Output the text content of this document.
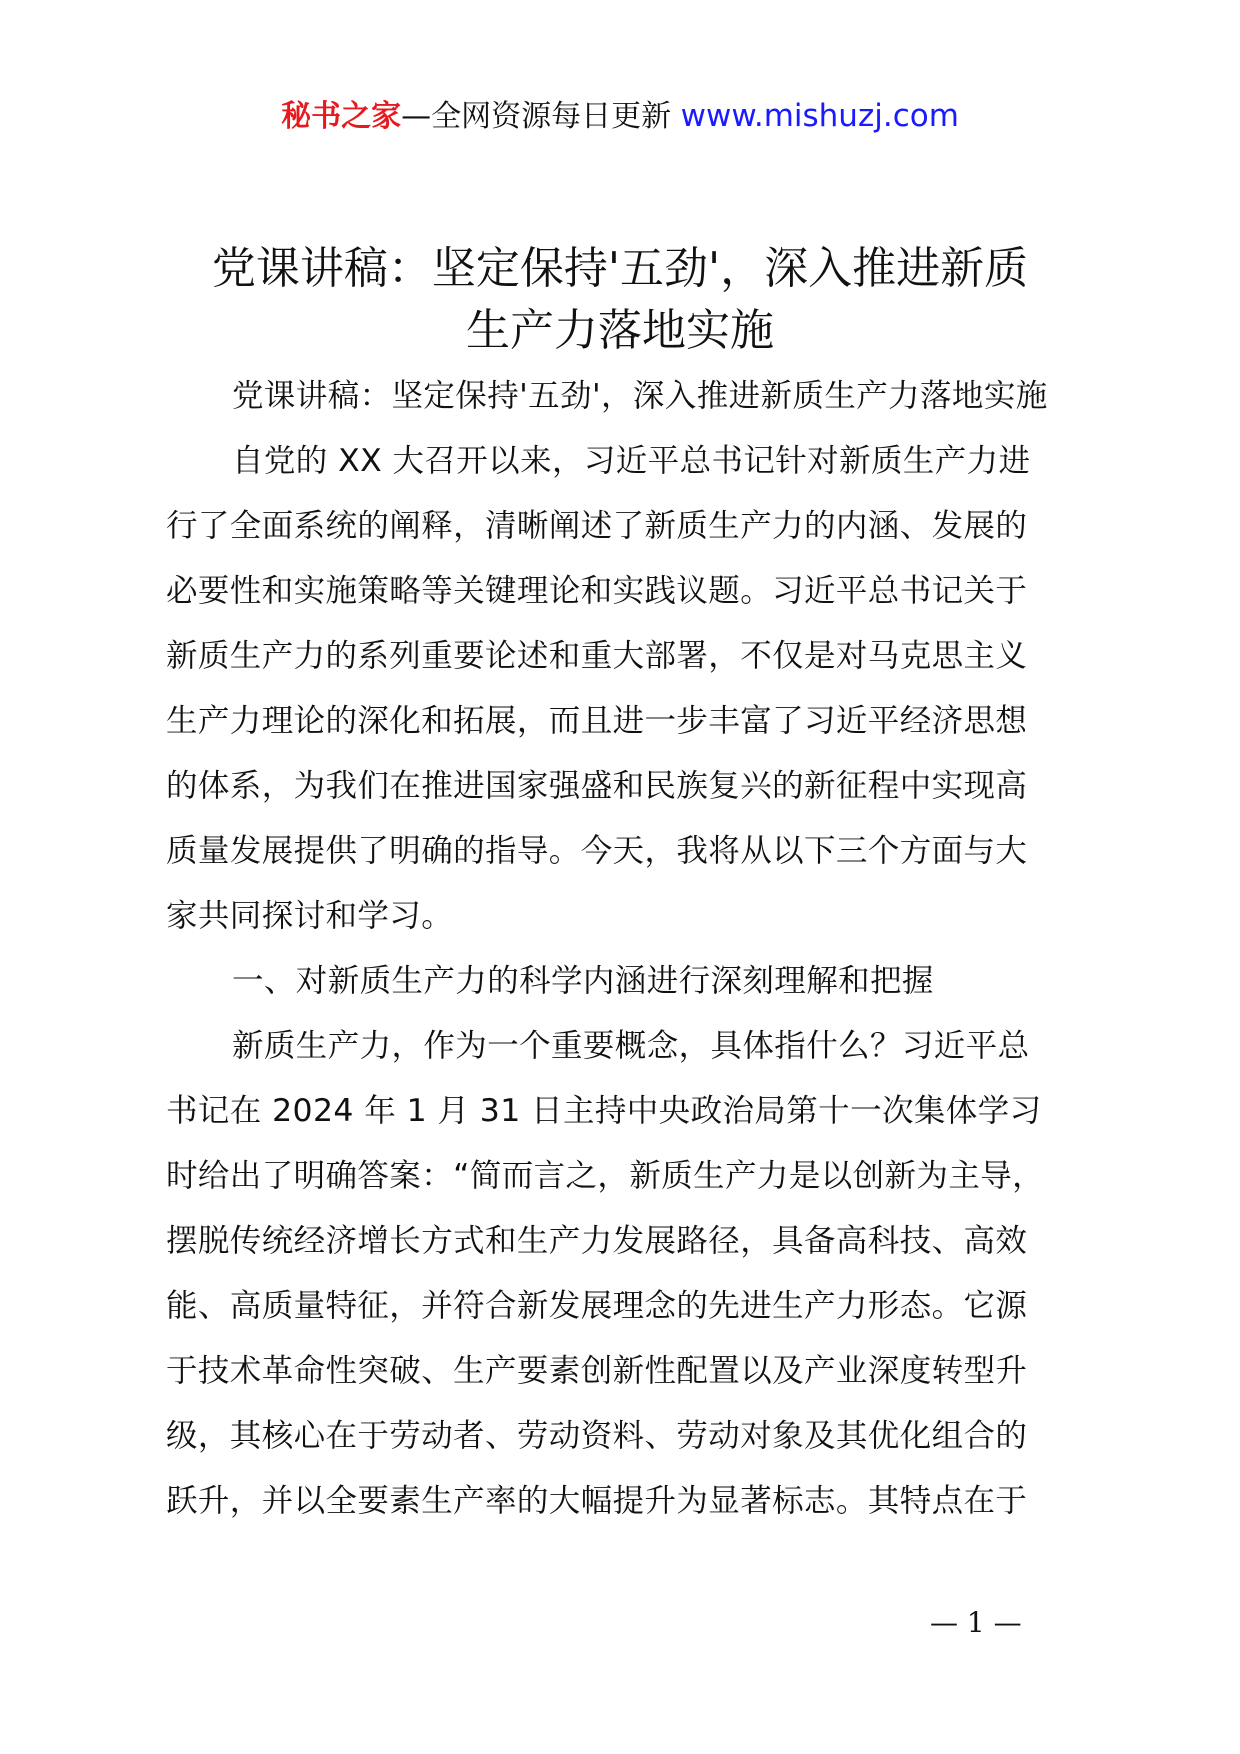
秘书之家—全网资源每日更新 www.mishuzj.com
党课讲稿：坚定保持'五劲'，深入推进新质
生产力落地实施
党课讲稿：坚定保持'五劲'，深入推进新质生产力落地实施
自党的 XX 大召开以来，习近平总书记针对新质生产力进
行了全面系统的阐释，清晰阐述了新质生产力的内涵、发展的
必要性和实施策略等关键理论和实践议题。习近平总书记关于
新质生产力的系列重要论述和重大部署，不仅是对马克思主义
生产力理论的深化和拓展，而且进一步丰富了习近平经济思想
的体系，为我们在推进国家强盛和民族复兴的新征程中实现高
质量发展提供了明确的指导。今天，我将从以下三个方面与大
家共同探讨和学习。
一、对新质生产力的科学内涵进行深刻理解和把握
新质生产力，作为一个重要概念，具体指什么？习近平总
书记在 2024 年 1 月 31 日主持中央政治局第十一次集体学习
时给出了明确答案：“简而言之，新质生产力是以创新为主导，
摆脱传统经济增长方式和生产力发展路径，具备高科技、高效
能、高质量特征，并符合新发展理念的先进生产力形态。它源
于技术革命性突破、生产要素创新性配置以及产业深度转型升
级，其核心在于劳动者、劳动资料、劳动对象及其优化组合的
跃升，并以全要素生产率的大幅提升为显著标志。其特点在于
— 1 —
